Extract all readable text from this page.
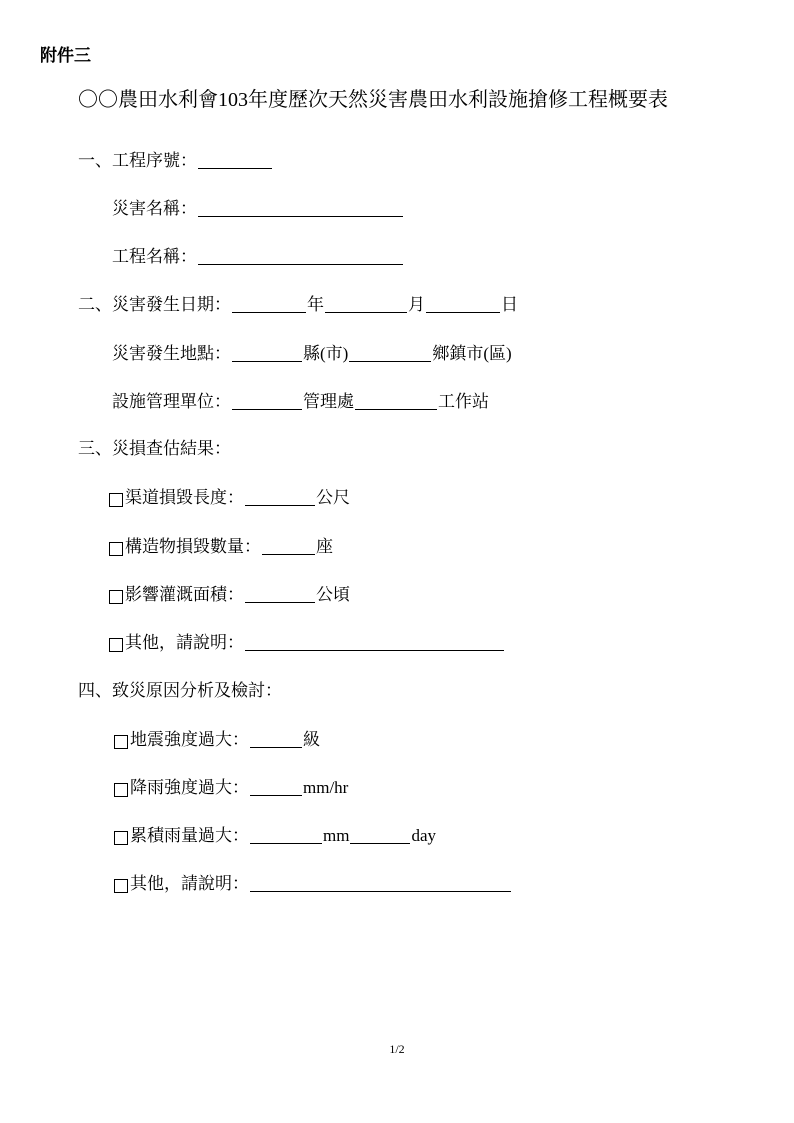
附件三
〇〇農田水利會103年度歷次天然災害農田水利設施搶修工程概要表
一、工程序號：
災害名稱：
工程名稱：
二、災害發生日期：	年	月	日
災害發生地點：	縣(市)	鄉鎮市(區)
設施管理單位：	管理處	工作站
三、災損查估結果：
渠道損毀長度：	公尺
構造物損毀數量：	座
影響灌溉面積：	公頃
其他，請說明：
四、致災原因分析及檢討：
地震強度過大：	級
降雨強度過大：	mm/hr
累積雨量過大：	mm	day
其他，請說明：
1/2
